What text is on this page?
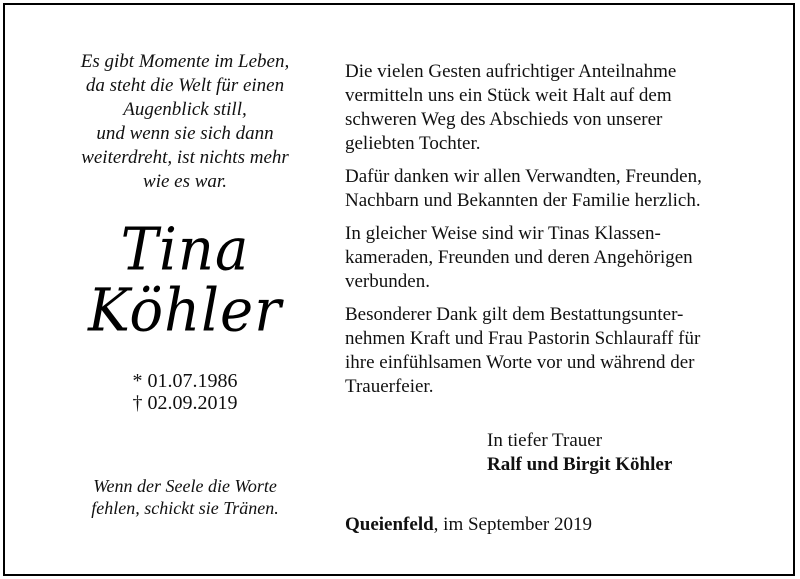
Es gibt Momente im Leben,
da steht die Welt für einen
Augenblick still,
und wenn sie sich dann
weiterdreht, ist nichts mehr
wie es war.
Tina
Köhler
* 01.07.1986
† 02.09.2019
Wenn der Seele die Worte
fehlen, schickt sie Tränen.

Die vielen Gesten aufrichtiger Anteilnahme
vermitteln uns ein Stück weit Halt auf dem
schweren Weg des Abschieds von unserer
geliebten Tochter.

Dafür danken wir allen Verwandten, Freunden,
Nachbarn und Bekannten der Familie herzlich.

In gleicher Weise sind wir Tinas Klassen-
kameraden, Freunden und deren Angehörigen
verbunden.

Besonderer Dank gilt dem Bestattungsunter-
nehmen Kraft und Frau Pastorin Schlauraff für
ihre einfühlsamen Worte vor und während der
Trauerfeier.

In tiefer Trauer
Ralf und Birgit Köhler
Queienfeld, im September 2019
